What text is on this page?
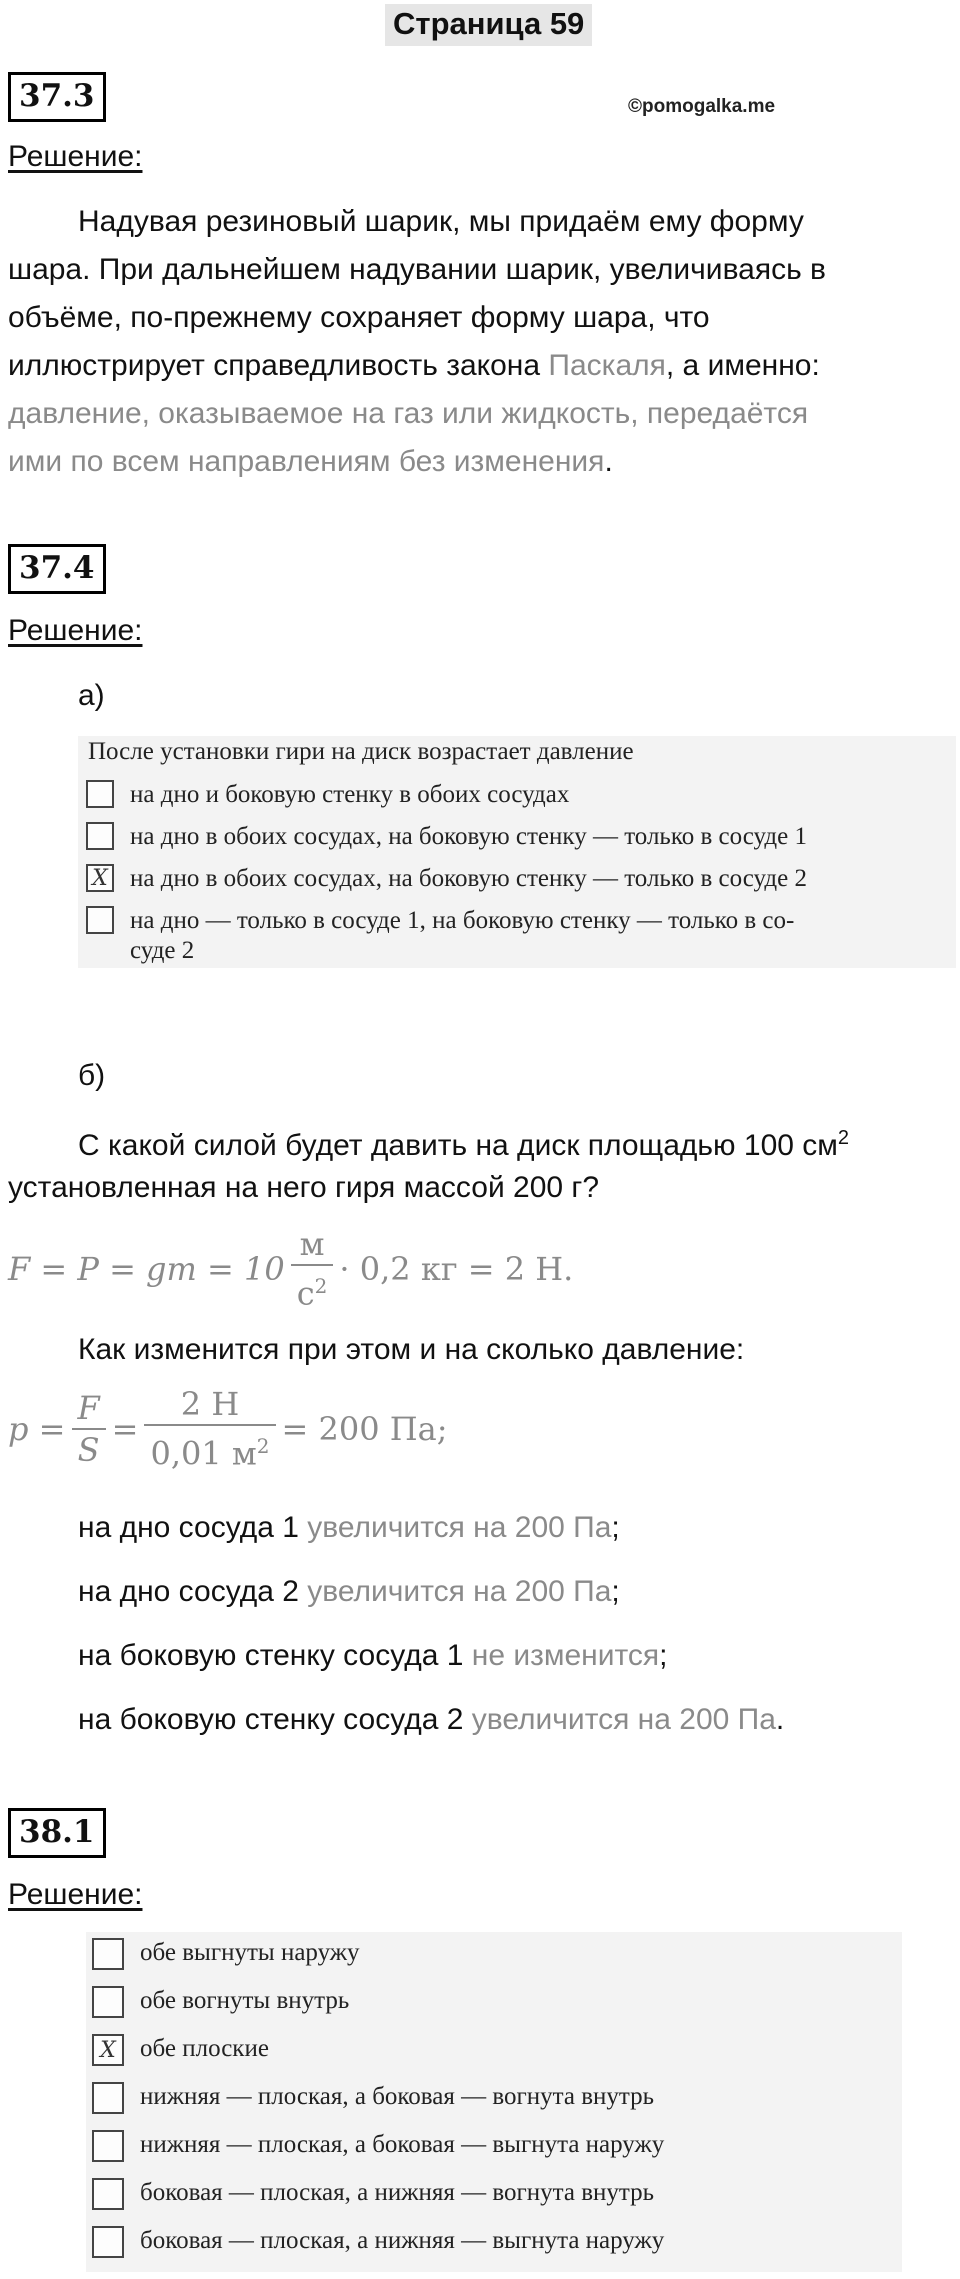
Страница 59
©pomogalka.me
37.3
Решение:
Надувая резиновый шарик, мы придаём ему форму
шара. При дальнейшем надувании шарик, увеличиваясь в
объёме, по-прежнему сохраняет форму шара, что
иллюстрирует справедливость закона Паскаля, а именно:
давление, оказываемое на газ или жидкость, передаётся
ими по всем направлениям без изменения.
37.4
Решение:
а)
После установки гири на диск возрастает давление
на дно и боковую стенку в обоих сосудах
на дно в обоих сосудах, на боковую стенку — только в сосуде 1
X на дно в обоих сосудах, на боковую стенку — только в сосуде 2
на дно — только в сосуде 1, на боковую стенку — только в со-
суде 2
б)
С какой силой будет давить на диск площадью 100 $см^2$
установленная на него гиря массой 200 г?
F = P = gm = $10 \frac{м}{с^2} \cdot 0,2$ кг = 2 Н.
Как изменится при этом и на сколько давление:
$p = \frac{F}{S} = \frac{2 Н}{0,01 м^2} = 200$ Па;
на дно сосуда 1 увеличится на 200 Па;
на дно сосуда 2 увеличится на 200 Па;
на боковую стенку сосуда 1 не изменится;
на боковую стенку сосуда 2 увеличится на 200 Па.
38.1
Решение:
обе выгнуты наружу
обе вогнуты внутрь
X обе плоские
нижняя — плоская, а боковая — вогнута внутрь
нижняя — плоская, а боковая — выгнута наружу
боковая — плоская, а нижняя — вогнута внутрь
боковая — плоская, а нижняя — выгнута наружу
